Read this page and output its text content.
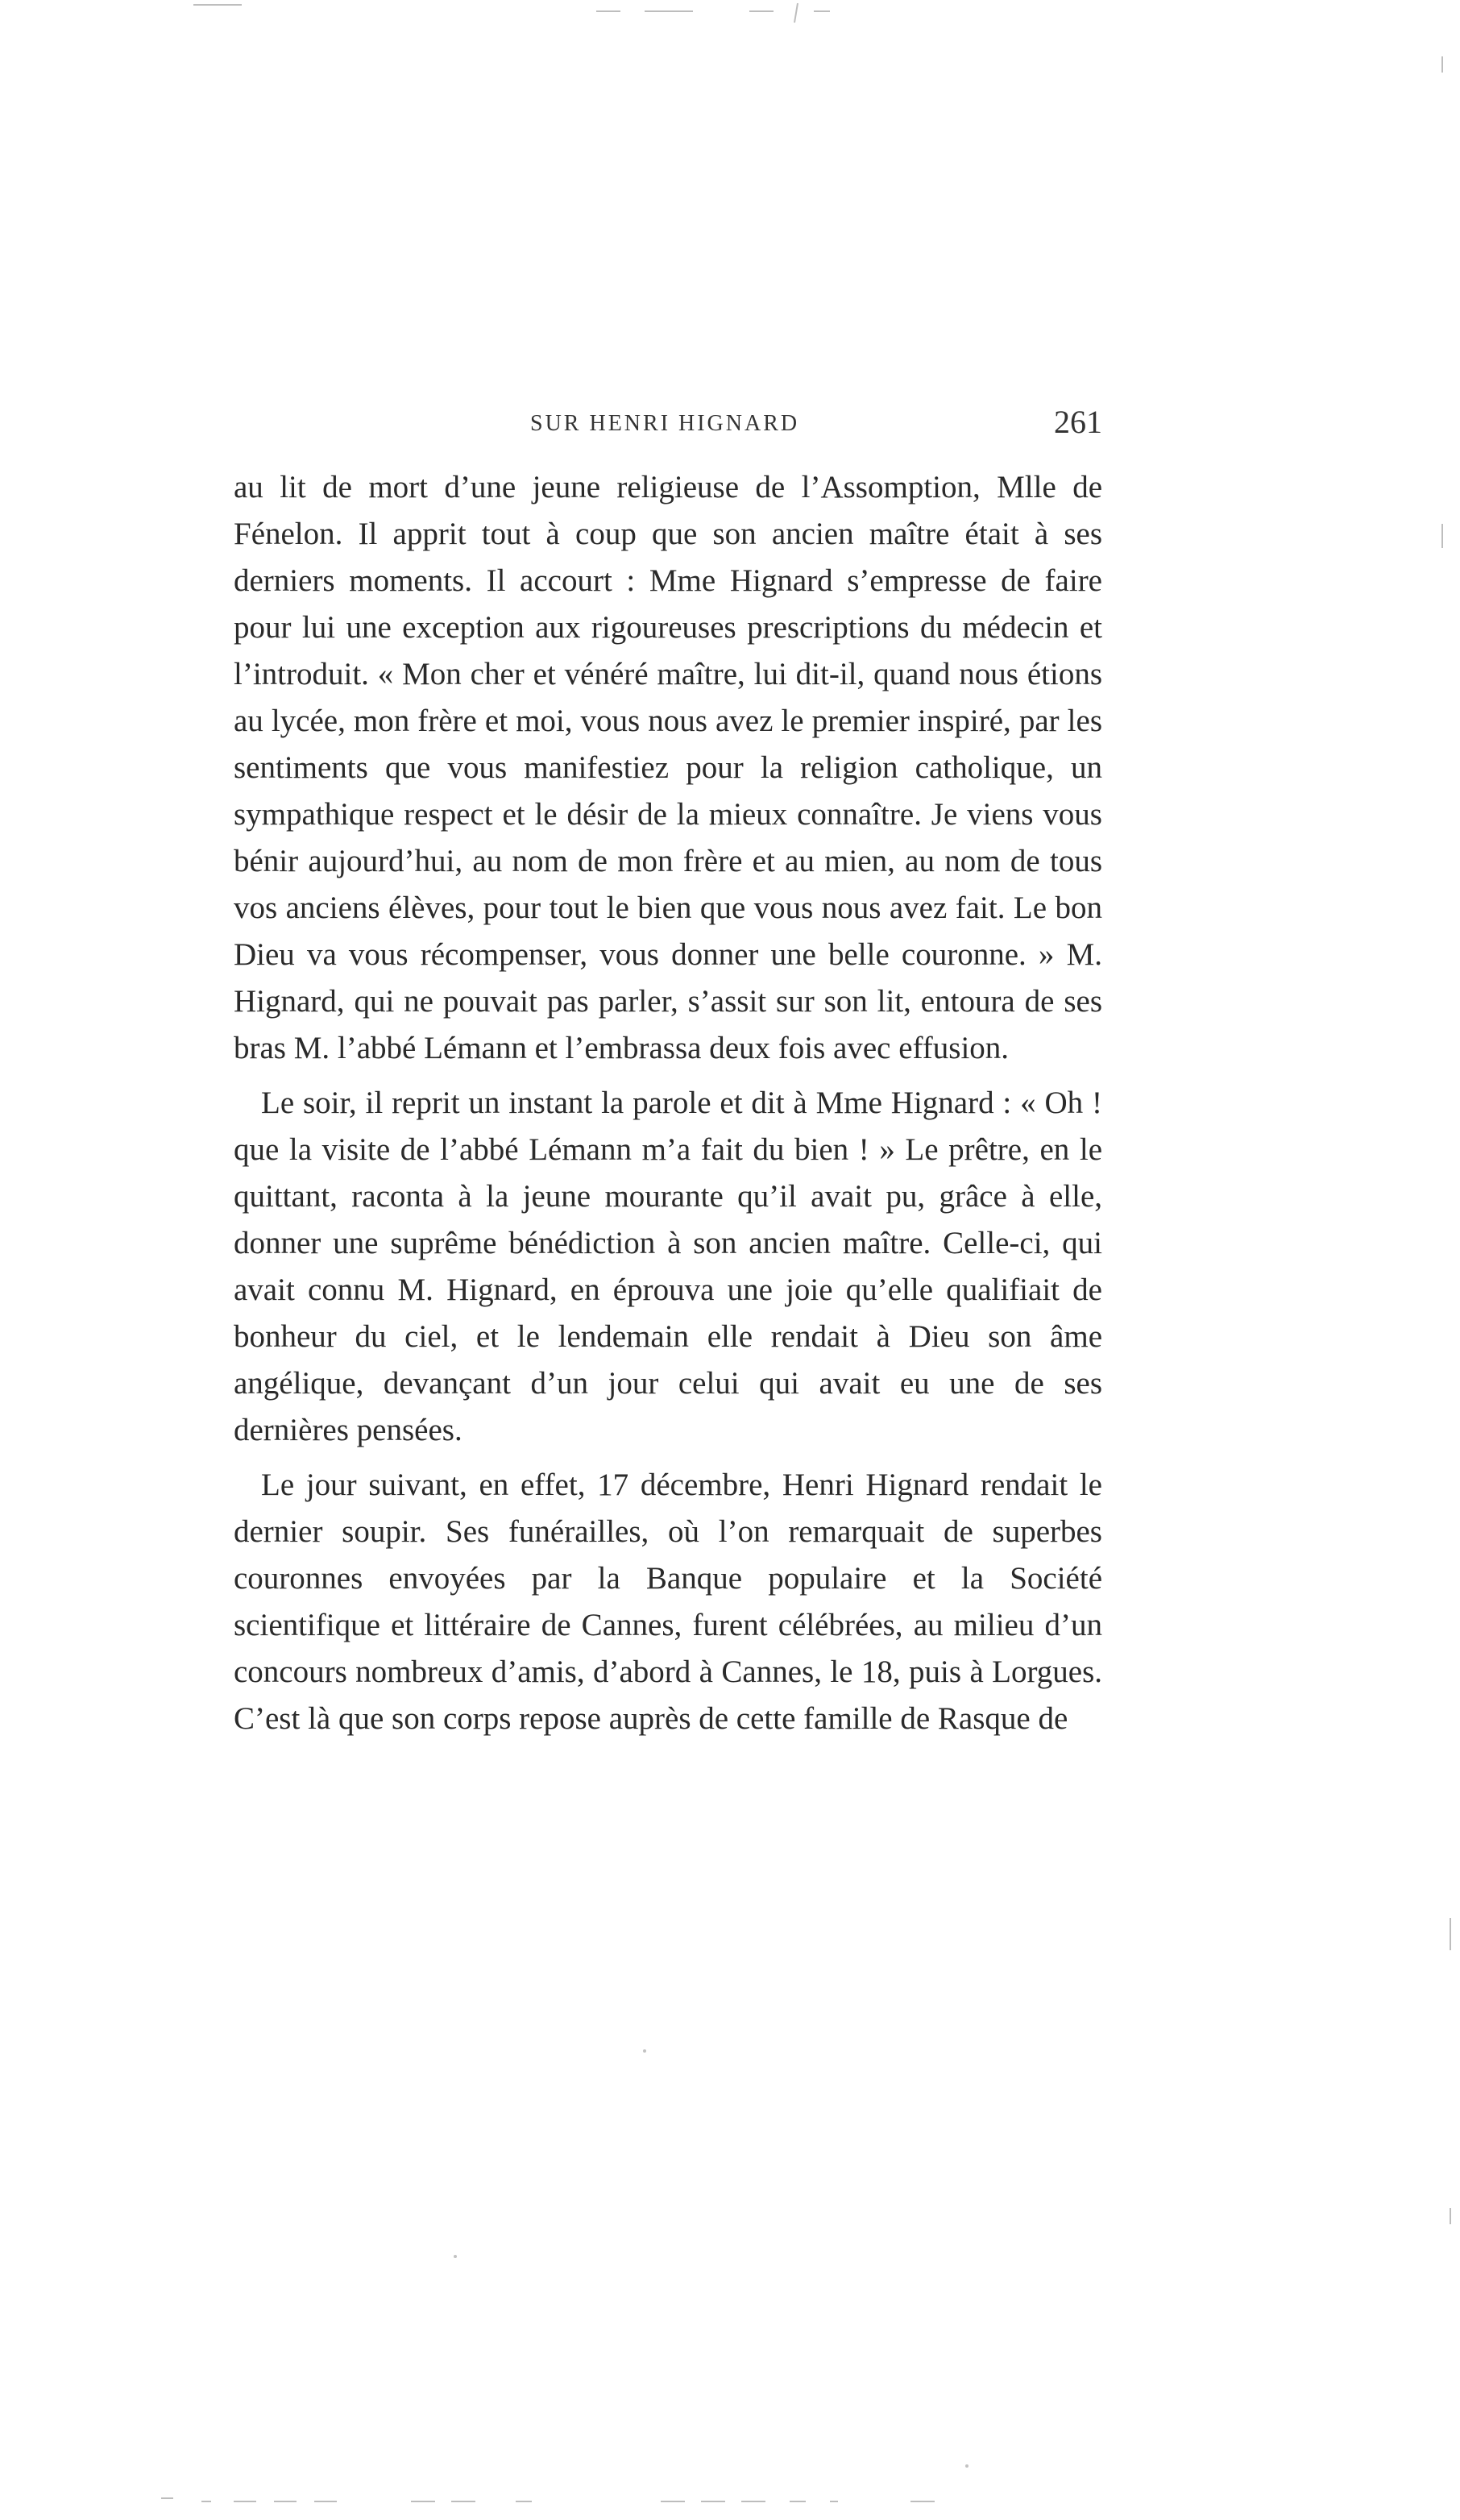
SUR HENRI HIGNARD	261

au lit de mort d’une jeune religieuse de l’Assomption, Mlle de Fénelon. Il apprit tout à coup que son ancien maître était à ses derniers moments. Il accourt : Mme Hignard s’empresse de faire pour lui une exception aux rigoureuses prescriptions du médecin et l’introduit. « Mon cher et vénéré maître, lui dit-il, quand nous étions au lycée, mon frère et moi, vous nous avez le premier inspiré, par les sentiments que vous manifestiez pour la religion catholique, un sympathique respect et le désir de la mieux connaître. Je viens vous bénir aujourd’hui, au nom de mon frère et au mien, au nom de tous vos anciens élèves, pour tout le bien que vous nous avez fait. Le bon Dieu va vous récompenser, vous donner une belle couronne. » M. Hignard, qui ne pouvait pas parler, s’assit sur son lit, entoura de ses bras M. l’abbé Lémann et l’embrassa deux fois avec effusion.

Le soir, il reprit un instant la parole et dit à Mme Hignard : « Oh ! que la visite de l’abbé Lémann m’a fait du bien ! » Le prêtre, en le quittant, raconta à la jeune mourante qu’il avait pu, grâce à elle, donner une suprême bénédiction à son ancien maître. Celle-ci, qui avait connu M. Hignard, en éprouva une joie qu’elle qualifiait de bonheur du ciel, et le lendemain elle rendait à Dieu son âme angélique, devançant d’un jour celui qui avait eu une de ses dernières pensées.

Le jour suivant, en effet, 17 décembre, Henri Hignard rendait le dernier soupir. Ses funérailles, où l’on remarquait de superbes couronnes envoyées par la Banque populaire et la Société scientifique et littéraire de Cannes, furent célébrées, au milieu d’un concours nombreux d’amis, d’abord à Cannes, le 18, puis à Lorgues. C’est là que son corps repose auprès de cette famille de Rasque de
